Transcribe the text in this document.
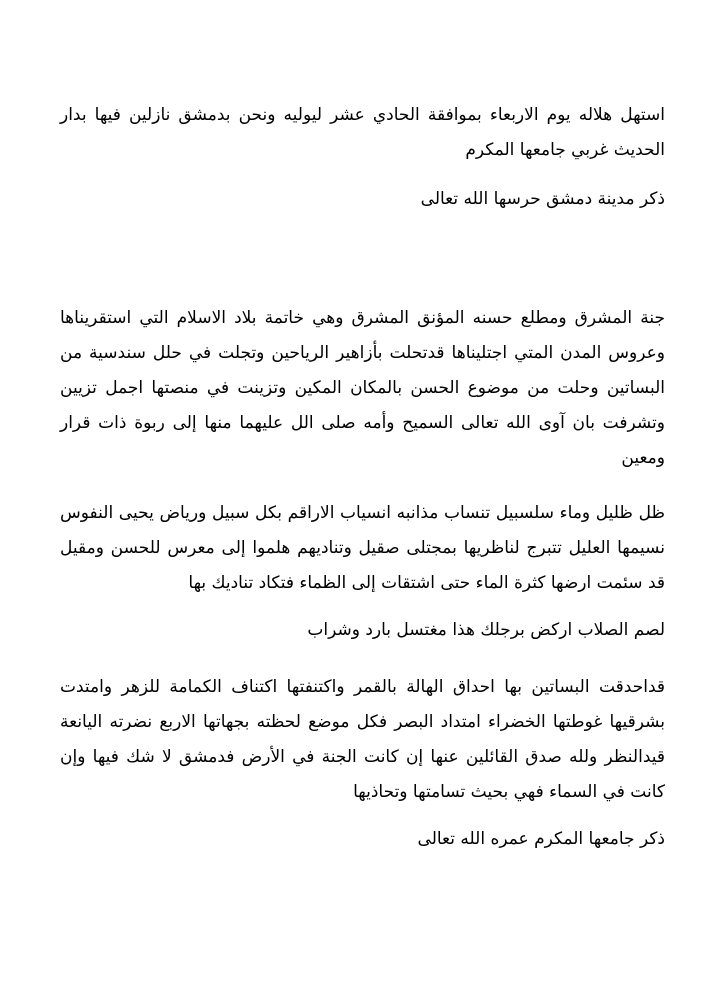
استهل هلاله يوم الاربعاء بموافقة الحادي عشر ليوليه ونحن بدمشق نازلين فيها بدار الحديث غربي جامعها المكرم

ذكر مدينة دمشق حرسها الله تعالى

جنة المشرق ومطلع حسنه المؤنق المشرق وهي خاتمة بلاد الاسلام التي استقريناها وعروس المدن المتي اجتليناها قدتحلت بأزاهير الرياحين وتجلت في حلل سندسية من البساتين وحلت من موضوع الحسن بالمكان المكين وتزينت في منصتها اجمل تزيين وتشرفت بان آوى الله تعالى السميح وأمه صلى الل عليهما منها إلى ربوة ذات قرار ومعين

ظل ظليل وماء سلسبيل تنساب مذانبه انسياب الاراقم بكل سبيل ورياض يحيى النفوس نسيمها العليل تتبرج لناظريها بمجتلى صقيل وتناديهم هلموا إلى معرس للحسن ومقيل قد سئمت ارضها كثرة الماء حتى اشتقات إلى الظماء فتكاد تناديك بها

لصم الصلاب اركض برجلك هذا مغتسل بارد وشراب

قداحدقت البساتين بها احداق الهالة بالقمر واكتنفتها اكتناف الكمامة للزهر وامتدت بشرقيها غوطتها الخضراء امتداد البصر فكل موضع لحظته بجهاتها الاربع نضرته اليانعة قيدالنظر ولله صدق القائلين عنها إن كانت الجنة في الأرض فدمشق لا شك فيها وإن كانت في السماء فهي بحيث تسامتها وتحاذيها

ذكر جامعها المكرم عمره الله تعالى
